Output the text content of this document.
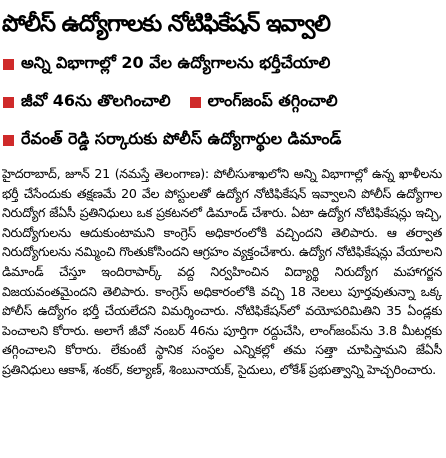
పోలీస్ ఉద్యోగాలకు నోటిఫికేషన్ ఇవ్వాలి
అన్ని విభాగాల్లో 20 వేల ఉద్యోగాలను భర్తీచేయాలి
జీవో 46ను తొలగించాలి లాంగ్‌జంప్ తగ్గించాలి
రేవంత్ రెడ్డి సర్కారుకు పోలీస్ ఉద్యోగార్థుల డిమాండ్

హైదరాబాద్, జూన్ 21 (నమస్తే తెలంగాణ): పోలీసుశాఖలోని అన్ని విభాగాల్లో ఉన్న ఖాళీలను భర్తీ చేసేందుకు తక్షణమే 20 వేల పోస్టులతో ఉద్యోగ నోటిఫికేషన్ ఇవ్వాలని పోలీస్ ఉద్యోగాల నిరుద్యోగ జేఏసీ ప్రతినిధులు ఒక ప్రకటనలో డిమాండ్ చేశారు. ఏటా ఉద్యోగ నోటిఫికేషన్లు ఇచ్చి, నిరుద్యోగులను ఆదుకుంటామని కాంగ్రెస్ అధికారంలోకి వచ్చిందని తెలిపారు. ఆ తర్వాత నిరుద్యోగులను నమ్మించి గొంతుకోసిందని ఆగ్రహం వ్యక్తంచేశారు. ఉద్యోగ నోటిఫికేషన్లు వేయాలని డిమాండ్ చేస్తూ ఇందిరాపార్క్ వద్ద నిర్వహించిన విద్యార్థి నిరుద్యోగ మహాగర్జన విజయవంతమైందని తెలిపారు. కాంగ్రెస్ అధికారంలోకి వచ్చి 18 నెలలు పూర్తవుతున్నా ఒక్క పోలీస్ ఉద్యోగం భర్తీ చేయలేదని విమర్శించారు. నోటిఫికేషన్‌లో వయోపరిమితిని 35 ఏండ్లకు పెంచాలని కోరారు. అలాగే జీవో నంబర్ 46ను పూర్తిగా రద్దుచేసి, లాంగ్‌జంప్‌ను 3.8 మీటర్లకు తగ్గించాలని కోరారు. లేకుంటే స్థానిక సంస్థల ఎన్నికల్లో తమ సత్తా చూపిస్తామని జేఏసీ ప్రతినిధులు ఆకాశ్, శంకర్, కల్యాణ్, శింబునాయక్, సైదులు, లోకేశ్ ప్రభుత్వాన్ని హెచ్చరించారు.
